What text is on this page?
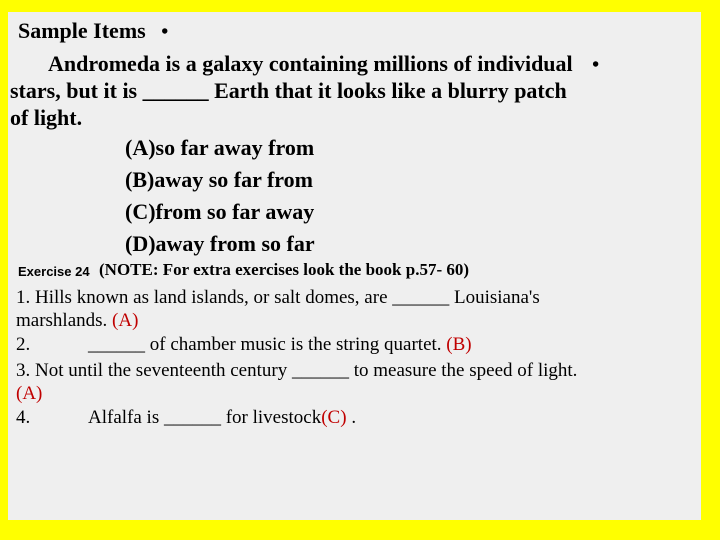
Sample Items •
Andromeda is a galaxy containing millions of individual •
stars, but it is ______ Earth that it looks like a blurry patch
of light.
(A)so far away from
(B)away so far from
(C)from so far away
(D)away from so far
Exercise 24 (NOTE: For extra exercises look the book p.57- 60)
1. Hills known as land islands, or salt domes, are ______ Louisiana's
marshlands. (A)
2.	______ of chamber music is the string quartet. (B)
3. Not until the seventeenth century ______ to measure the speed of light.
(A)
4.	Alfalfa is ______ for livestock(C) .
